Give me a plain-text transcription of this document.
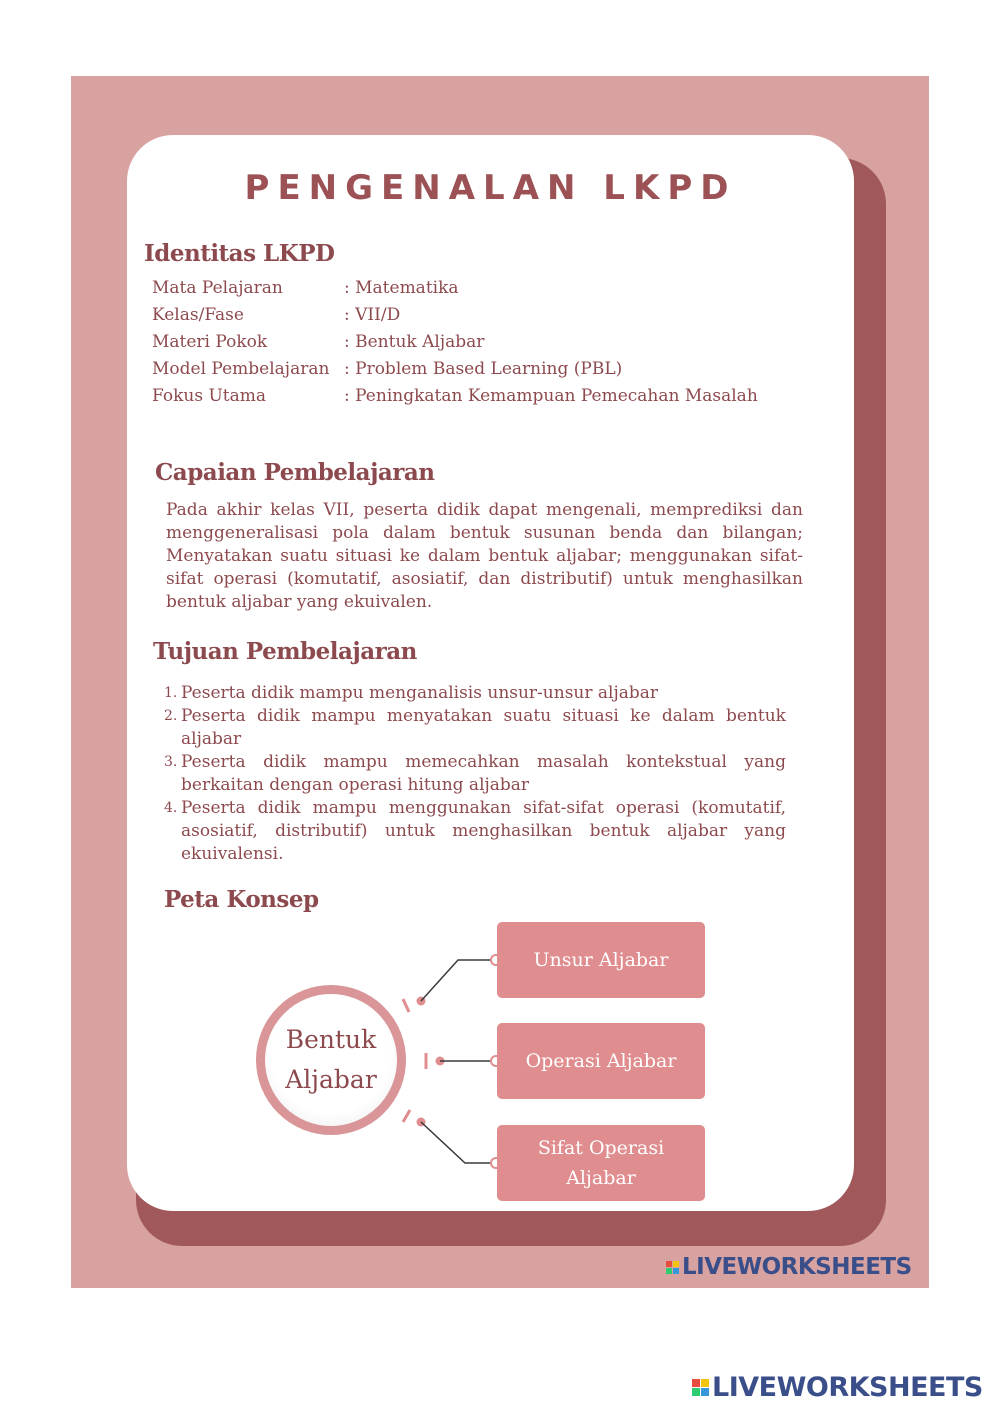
PENGENALAN LKPD
Identitas LKPD
Mata Pelajaran	: Matematika
Kelas/Fase	: VII/D
Materi Pokok	: Bentuk Aljabar
Model Pembelajaran : Problem Based Learning (PBL)
Fokus Utama	: Peningkatan Kemampuan Pemecahan Masalah
Capaian Pembelajaran
Pada akhir kelas VII, peserta didik dapat mengenali, memprediksi dan menggeneralisasi pola dalam bentuk susunan benda dan bilangan; Menyatakan suatu situasi ke dalam bentuk aljabar; menggunakan sifat-sifat operasi (komutatif, asosiatif, dan distributif) untuk menghasilkan bentuk aljabar yang ekuivalen.
Tujuan Pembelajaran
1. Peserta didik mampu menganalisis unsur-unsur aljabar
2. Peserta didik mampu menyatakan suatu situasi ke dalam bentuk aljabar
3. Peserta didik mampu memecahkan masalah kontekstual yang berkaitan dengan operasi hitung aljabar
4. Peserta didik mampu menggunakan sifat-sifat operasi (komutatif, asosiatif, distributif) untuk menghasilkan bentuk aljabar yang ekuivalensi.
Peta Konsep
Bentuk
Aljabar
Unsur Aljabar
Operasi Aljabar
Sifat Operasi
Aljabar
LIVEWORKSHEETS
LIVEWORKSHEETS
